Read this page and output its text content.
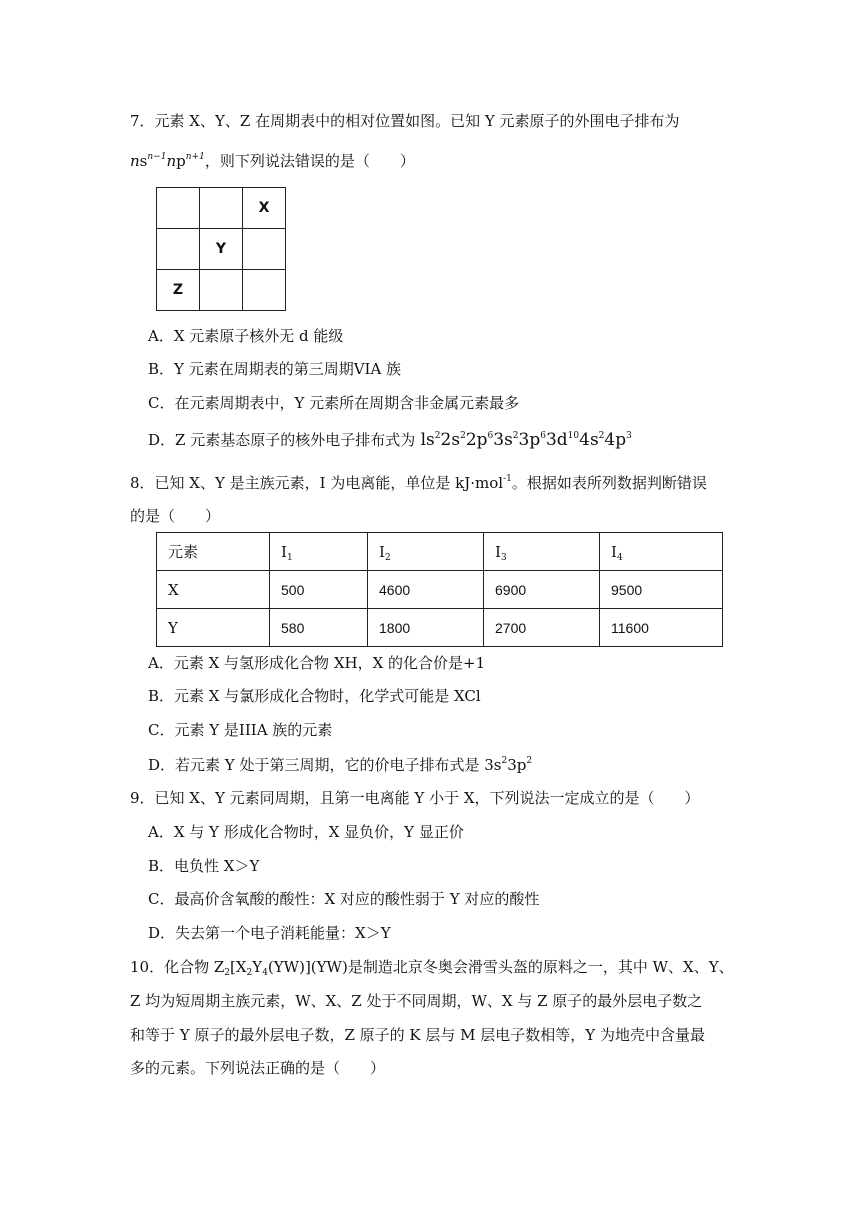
7．元素 X、Y、Z 在周期表中的相对位置如图。已知 Y 元素原子的外围电子排布为
$ns^{n-1}np^{n+1}$，则下列说法错误的是（　　）
		X
	Y	
Z		
A．X 元素原子核外无 d 能级
B．Y 元素在周期表的第三周期VIA 族
C．在元素周期表中，Y 元素所在周期含非金属元素最多
D．Z 元素基态原子的核外电子排布式为 $ls^22s^22p^63s^23p^63d^{10}4s^24p^3$
8．已知 X、Y 是主族元素，I 为电离能，单位是 kJ·mol$^{-1}$。根据如表所列数据判断错误
的是（　　）
元素	$I_1$	$I_2$	$I_3$	$I_4$
X	500	4600	6900	9500
Y	580	1800	2700	11600
A．元素 X 与氢形成化合物 XH，X 的化合价是+1
B．元素 X 与氯形成化合物时，化学式可能是 XCl
C．元素 Y 是IIIA 族的元素
D．若元素 Y 处于第三周期，它的价电子排布式是 $3s^23p^2$
9．已知 X、Y 元素同周期，且第一电离能 Y 小于 X，下列说法一定成立的是（　　）
A．X 与 Y 形成化合物时，X 显负价，Y 显正价
B．电负性 X＞Y
C．最高价含氧酸的酸性：X 对应的酸性弱于 Y 对应的酸性
D．失去第一个电子消耗能量：X＞Y
10．化合物 $Z_2[X_2Y_4(YW)](YW)$是制造北京冬奥会滑雪头盔的原料之一，其中 W、X、Y、
Z 均为短周期主族元素，W、X、Z 处于不同周期，W、X 与 Z 原子的最外层电子数之
和等于 Y 原子的最外层电子数，Z 原子的 K 层与 M 层电子数相等，Y 为地壳中含量最
多的元素。下列说法正确的是（　　）
